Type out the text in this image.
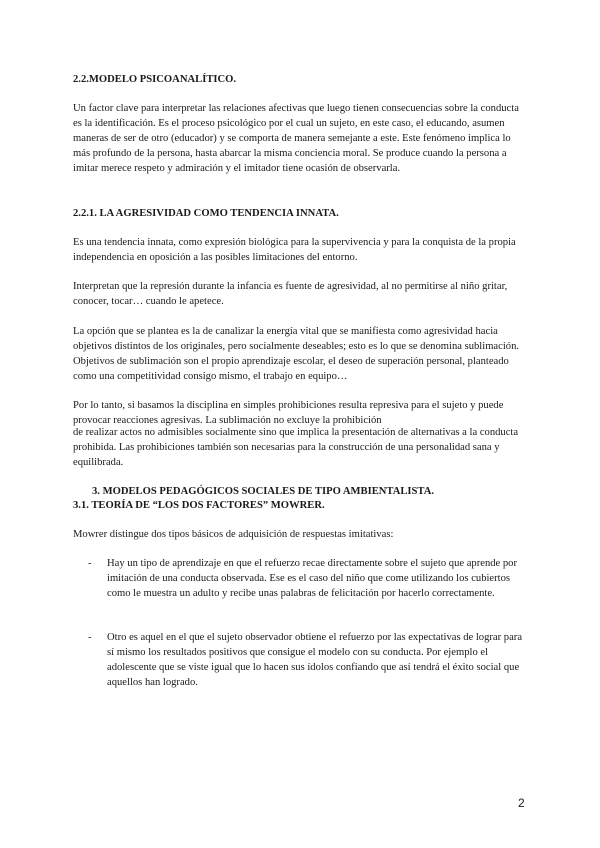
2.2.MODELO PSICOANALÍTICO.

Un factor clave para interpretar las relaciones afectivas que luego tienen consecuencias sobre la conducta es la identificación. Es el proceso psicológico por el cual un sujeto, en este caso, el educando, asumen maneras de ser de otro (educador) y se comporta de manera semejante a este. Este fenómeno implica lo más profundo de la persona, hasta abarcar la misma conciencia moral. Se produce cuando la persona a imitar merece respeto y admiración y el imitador tiene ocasión de observarla.

2.2.1. LA AGRESIVIDAD COMO TENDENCIA INNATA.

Es una tendencia innata, como expresión biológica para la supervivencia y para la conquista de la propia independencia en oposición a las posibles limitaciones del entorno.

Interpretan que la represión durante la infancia es fuente de agresividad, al no permitirse al niño gritar, conocer, tocar… cuando le apetece.

La opción que se plantea es la de canalizar la energía vital que se manifiesta como agresividad hacia objetivos distintos de los originales, pero socialmente deseables; esto es lo que se denomina sublimación. Objetivos de sublimación son el propio aprendizaje escolar, el deseo de superación personal, planteado como una competitividad consigo mismo, el trabajo en equipo…

Por lo tanto, si basamos la disciplina en simples prohibiciones resulta represiva para el sujeto y puede provocar reacciones agresivas. La sublimación no excluye la prohibición

de realizar actos no admisibles socialmente sino que implica la presentación de alternativas a la conducta prohibida. Las prohibiciones también son necesarias para la construcción de una personalidad sana y equilibrada.

3. MODELOS PEDAGÓGICOS SOCIALES DE TIPO AMBIENTALISTA.

3.1. TEORÍA DE “LOS DOS FACTORES” MOWRER.

Mowrer distingue dos tipos básicos de adquisición de respuestas imitativas:

-	Hay un tipo de aprendizaje en que el refuerzo recae directamente sobre el sujeto que aprende por imitación de una conducta observada. Ese es el caso del niño que come utilizando los cubiertos como le muestra un adulto y recibe unas palabras de felicitación por hacerlo correctamente.

-	Otro es aquel en el que el sujeto observador obtiene el refuerzo por las expectativas de lograr para sí mismo los resultados positivos que consigue el modelo con su conducta. Por ejemplo el adolescente que se viste igual que lo hacen sus ídolos confiando que así tendrá el éxito social que aquellos han logrado.

2
